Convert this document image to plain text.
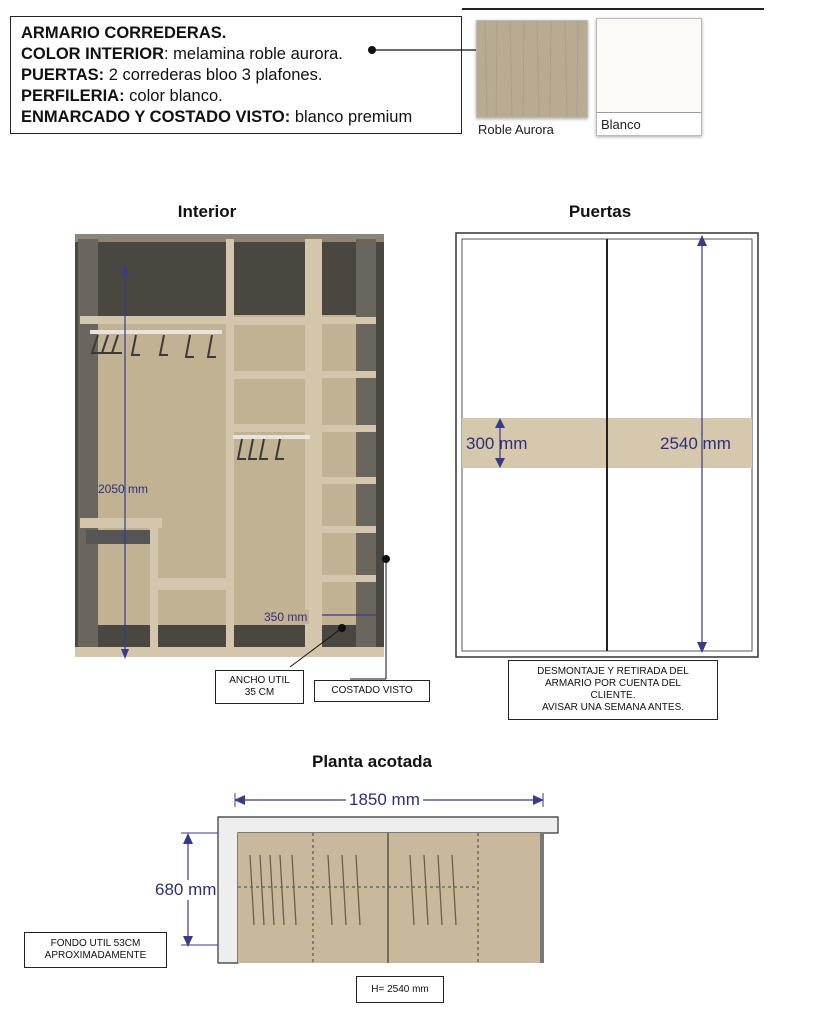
ARMARIO CORREDERAS.
COLOR INTERIOR: melamina roble aurora.
PUERTAS: 2 correderas bloo 3 plafones.
PERFILERIA: color blanco.
ENMARCADO Y COSTADO VISTO: blanco premium
Roble Aurora	Blanco
Interior
2050 mm
350 mm
ANCHO UTIL
35 CM	COSTADO VISTO
Puertas
300 mm	2540 mm
DESMONTAJE Y RETIRADA DEL
ARMARIO POR CUENTA DEL
CLIENTE.
AVISAR UNA SEMANA ANTES.
Planta acotada
1850 mm
680 mm
FONDO UTIL 53CM
APROXIMADAMENTE
H= 2540 mm
